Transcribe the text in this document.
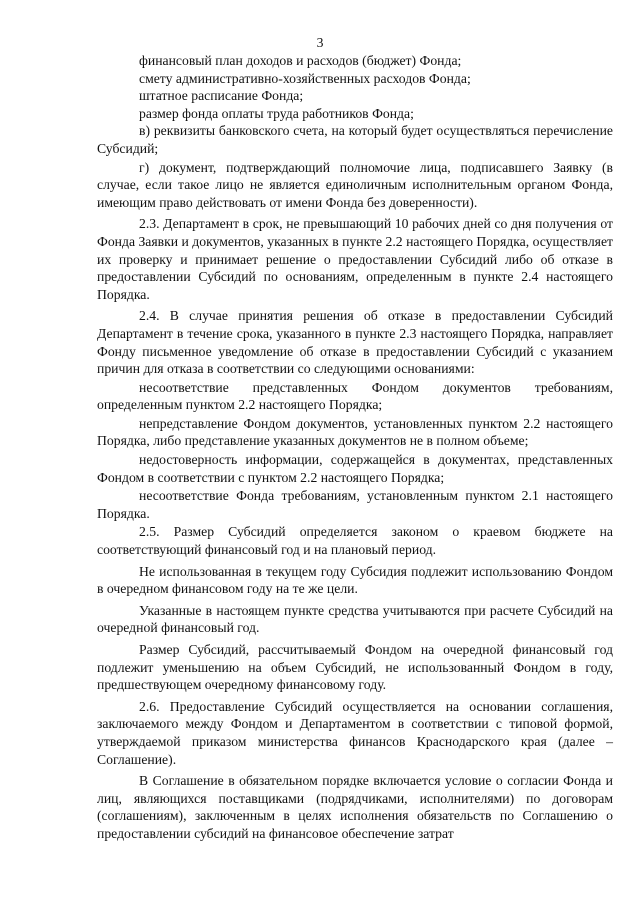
3

финансовый план доходов и расходов (бюджет) Фонда;

смету административно-хозяйственных расходов Фонда;

штатное расписание Фонда;

размер фонда оплаты труда работников Фонда;

в) реквизиты банковского счета, на который будет осуществляться перечисление Субсидий;

г) документ, подтверждающий полномочие лица, подписавшего Заявку (в случае, если такое лицо не является единоличным исполнительным органом Фонда, имеющим право действовать от имени Фонда без доверенности).

2.3. Департамент в срок, не превышающий 10 рабочих дней со дня получения от Фонда Заявки и документов, указанных в пункте 2.2 настоящего Порядка, осуществляет их проверку и принимает решение о предоставлении Субсидий либо об отказе в предоставлении Субсидий по основаниям, определенным в пункте 2.4 настоящего Порядка.

2.4. В случае принятия решения об отказе в предоставлении Субсидий Департамент в течение срока, указанного в пункте 2.3 настоящего Порядка, направляет Фонду письменное уведомление об отказе в предоставлении Субсидий с указанием причин для отказа в соответствии со следующими основаниями:

несоответствие представленных Фондом документов требованиям, определенным пунктом 2.2 настоящего Порядка;

непредставление Фондом документов, установленных пунктом 2.2 настоящего Порядка, либо представление указанных документов не в полном объеме;

недостоверность информации, содержащейся в документах, представленных Фондом в соответствии с пунктом 2.2 настоящего Порядка;

несоответствие Фонда требованиям, установленным пунктом 2.1 настоящего Порядка.

2.5. Размер Субсидий определяется законом о краевом бюджете на соответствующий финансовый год и на плановый период.

Не использованная в текущем году Субсидия подлежит использованию Фондом в очередном финансовом году на те же цели.

Указанные в настоящем пункте средства учитываются при расчете Субсидий на очередной финансовый год.

Размер Субсидий, рассчитываемый Фондом на очередной финансовый год подлежит уменьшению на объем Субсидий, не использованный Фондом в году, предшествующем очередному финансовому году.

2.6. Предоставление Субсидий осуществляется на основании соглашения, заключаемого между Фондом и Департаментом в соответствии с типовой формой, утверждаемой приказом министерства финансов Краснодарского края (далее – Соглашение).

В Соглашение в обязательном порядке включается условие о согласии Фонда и лиц, являющихся поставщиками (подрядчиками, исполнителями) по договорам (соглашениям), заключенным в целях исполнения обязательств по Соглашению о предоставлении субсидий на финансовое обеспечение затрат
